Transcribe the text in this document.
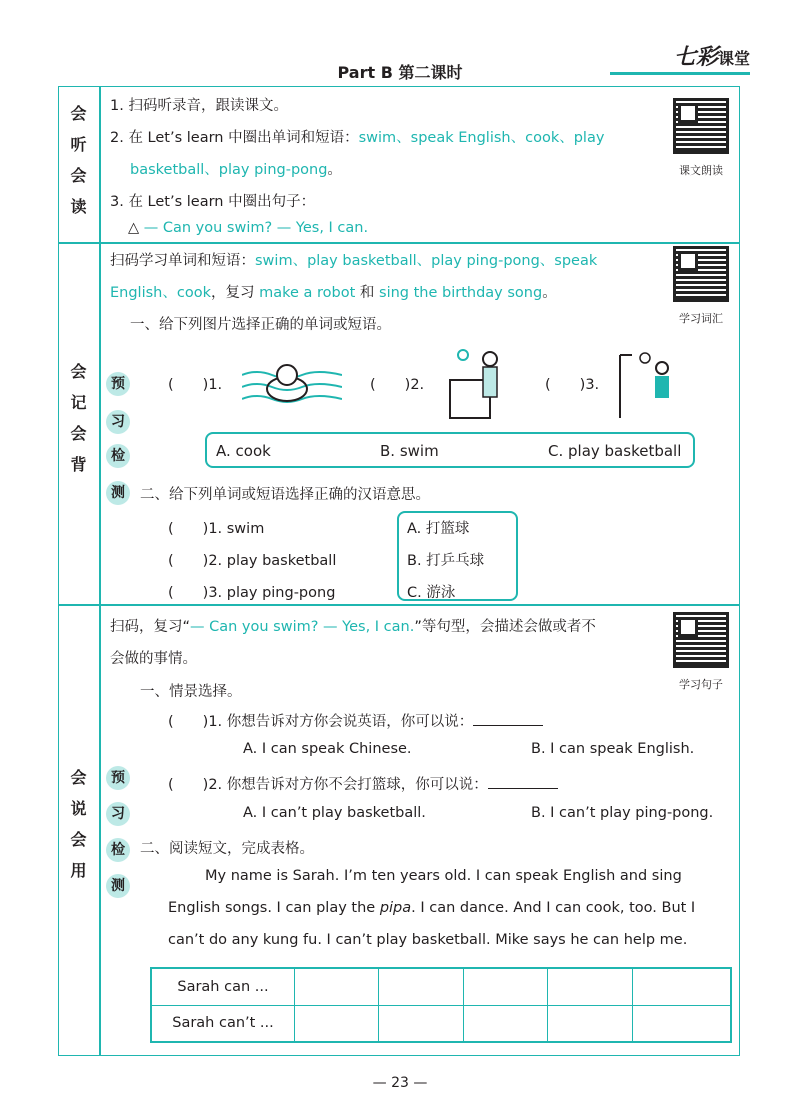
Part B 第二课时
七彩课堂
会
听
会
读
1. 扫码听录音，跟读课文。
2. 在 Let’s learn 中圈出单词和短语：swim、speak English、cook、play
basketball、play ping-pong。
3. 在 Let’s learn 中圈出句子：
△ — Can you swim? — Yes, I can.
课文朗读
会
记
会
背
扫码学习单词和短语：swim、play basketball、play ping-pong、speak
English、cook，复习 make a robot 和 sing the birthday song。
学习词汇
一、给下列图片选择正确的单词或短语。
预
习
检
测
(　　)1.	(　　)2.	(　　)3.
A. cook	B. swim	C. play basketball
二、给下列单词或短语选择正确的汉语意思。
(　　)1. swim
(　　)2. play basketball
(　　)3. play ping-pong
A. 打篮球
B. 打乒乓球
C. 游泳
会
说
会
用
扫码，复习“— Can you swim? — Yes, I can.”等句型，会描述会做或者不
会做的事情。
学习句子
一、情景选择。
(　　)1. 你想告诉对方你会说英语，你可以说：
A. I can speak Chinese.	B. I can speak English.
(　　)2. 你想告诉对方你不会打篮球，你可以说：
A. I can’t play basketball.	B. I can’t play ping-pong.
预
习
检
测
二、阅读短文，完成表格。
My name is Sarah. I’m ten years old. I can speak English and sing
English songs. I can play the pipa. I can dance. And I can cook, too. But I
can’t do any kung fu. I can’t play basketball. Mike says he can help me.
Sarah can ...					
Sarah can’t ...					
— 23 —
